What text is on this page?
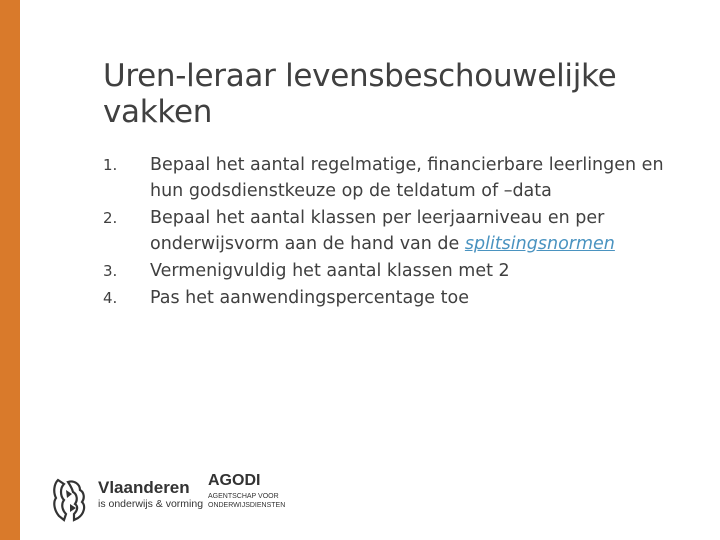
Uren-leraar levensbeschouwelijke vakken
1. Bepaal het aantal regelmatige, financierbare leerlingen en hun godsdienstkeuze op de teldatum of –data
2. Bepaal het aantal klassen per leerjaarniveau en per onderwijsvorm aan de hand van de splitsingsnormen
3. Vermenigvuldig het aantal klassen met 2
4. Pas het aanwendingspercentage toe
Vlaanderen
is onderwijs & vorming
AGODI
AGENTSCHAP VOOR ONDERWIJSDIENSTEN
